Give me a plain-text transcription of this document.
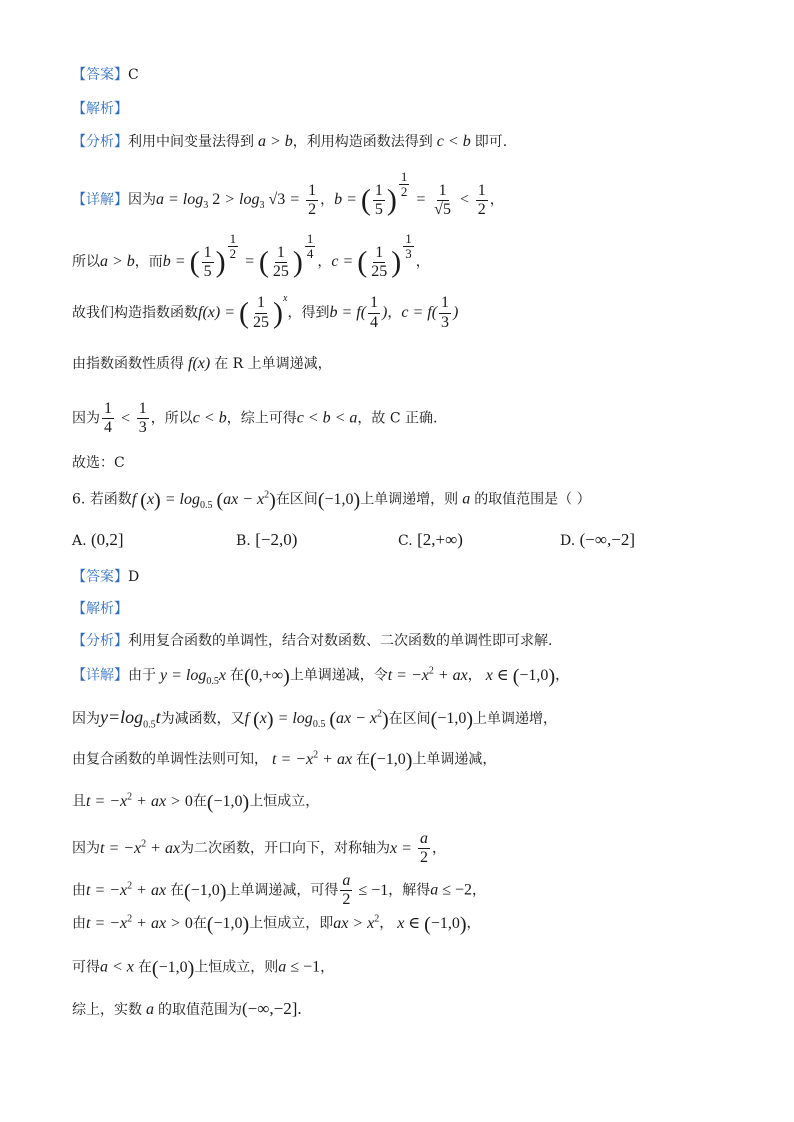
【答案】C
【解析】
【分析】利用中间变量法得到 a > b，利用构造函数法得到 c < b 即可.
【详解】因为$a = \log_3 2 > \log_3 √3 = \frac{1}{2}$ ，b = ( $\frac{1}{5}$ ) $^{\frac{1}{2}}$
= $\frac{1}{√5} < \frac{1}{2}$ ，
所以a > b，而b = ( $\frac{1}{5}$ ) $^{\frac{1}{2}}$
= ( $\frac{1}{25}$ ) $^{\frac{1}{4}}$
，c = ( $\frac{1}{25}$ ) $^{\frac{1}{3}}$
，
故我们构造指数函数f(x) = ( $\frac{1}{25} )^x$，得到$b = f( \frac{1}{4}$ )，$c = f( \frac{1}{3}$ )
由指数函数性质得 f(x) 在 R 上单调递减，
因为 $\frac{1}{4} < \frac{1}{3}$ ，所以c < b，综上可得c < b < a，故 C 正确.
故选：C
6. 若函数f $(x) = \log_{0.5} (ax - x^2)$在区间(−1,0)上单调递增，则 a 的取值范围是（ ）
A. (0,2]	B. [−2,0)	C. [2,+∞)	D. (−∞,−2]
【答案】D
【解析】
【分析】利用复合函数的单调性，结合对数函数、二次函数的单调性即可求解.
【详解】由于 $y = \log_{0.5}x$ 在(0,+∞)上单调递减，令$t = -x^2$ + ax， x ∈ (−1,0)，
因为$y=\log_{0.5}t$为减函数，又f $(x) = \log_{0.5} (ax - x^2)$在区间(−1,0)上单调递增，
由复合函数的单调性法则可知， $t = -x^2$ + ax 在(−1,0)上单调递减，
且$t = -x^2$ + ax > 0在(−1,0)上恒成立，
因为$t = -x^2$ + ax为二次函数，开口向下，对称轴为$x = \frac{a}{2}$ ，
由$t = -x^2$ + ax 在(−1,0)上单调递减，可得 $\frac{a}{2} \le -1$，解得a ≤ −2，
由$t = -x^2$ + ax > 0在(−1,0)上恒成立，即ax > $x^2$， x ∈ (−1,0)，
可得a < x 在(−1,0)上恒成立，则a ≤ −1，
综上，实数 a 的取值范围为(−∞,−2].
